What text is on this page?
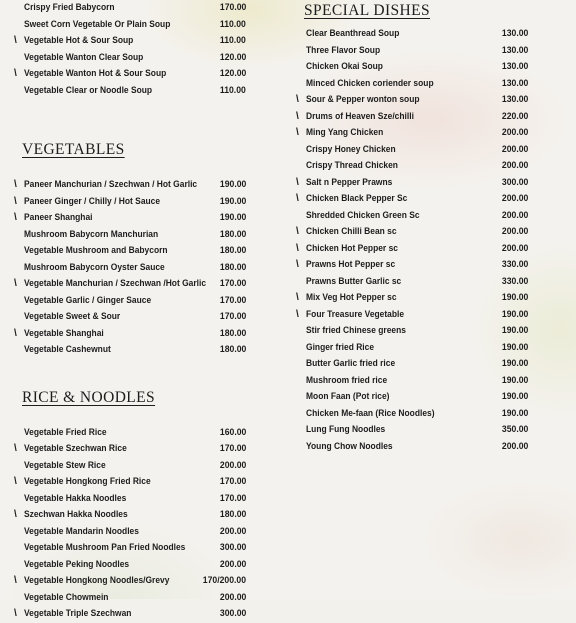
Crispy Fried Babycorn	170.00
Sweet Corn Vegetable Or Plain Soup	110.00
\ Vegetable Hot & Sour Soup	110.00
Vegetable Wanton Clear Soup	120.00
\ Vegetable Wanton Hot & Sour Soup	120.00
Vegetable Clear or Noodle Soup	110.00
VEGETABLES
\ Paneer Manchurian / Szechwan / Hot Garlic 190.00
\ Paneer Ginger / Chilly / Hot Sauce	190.00
\ Paneer Shanghai	190.00
Mushroom Babycorn Manchurian	180.00
Vegetable Mushroom and Babycorn	180.00
Mushroom Babycorn Oyster Sauce	180.00
\ Vegetable Manchurian / Szechwan /Hot Garlic 170.00
Vegetable Garlic / Ginger Sauce	170.00
Vegetable Sweet & Sour	170.00
\ Vegetable Shanghai	180.00
Vegetable Cashewnut	180.00
RICE & NOODLES
Vegetable Fried Rice	160.00
\ Vegetable Szechwan Rice	170.00
Vegetable Stew Rice	200.00
\ Vegetable Hongkong Fried Rice	170.00
Vegetable Hakka Noodles	170.00
\ Szechwan Hakka Noodles	180.00
Vegetable Mandarin Noodles	200.00
Vegetable Mushroom Pan Fried Noodles	300.00
Vegetable Peking Noodles	200.00
\ Vegetable Hongkong Noodles/Grevy	170/200.00
Vegetable Chowmein	200.00
\ Vegetable Triple Szechwan	300.00
SPECIAL DISHES
Clear Beanthread Soup	130.00
Three Flavor Soup	130.00
Chicken Okai Soup	130.00
Minced Chicken coriender soup	130.00
\ Sour & Pepper wonton soup	130.00
\ Drums of Heaven Sze/chilli	220.00
\ Ming Yang Chicken	200.00
Crispy Honey Chicken	200.00
Crispy Thread Chicken	200.00
\ Salt n Pepper Prawns	300.00
\ Chicken Black Pepper Sc	200.00
Shredded Chicken Green Sc	200.00
\ Chicken Chilli Bean sc	200.00
\ Chicken Hot Pepper sc	200.00
\ Prawns Hot Pepper sc	330.00
Prawns Butter Garlic sc	330.00
\ Mix Veg Hot Pepper sc	190.00
\ Four Treasure Vegetable	190.00
Stir fried Chinese greens	190.00
Ginger fried Rice	190.00
Butter Garlic fried rice	190.00
Mushroom fried rice	190.00
Moon Faan (Pot rice)	190.00
Chicken Me-faan (Rice Noodles)	190.00
Lung Fung Noodles	350.00
Young Chow Noodles	200.00
